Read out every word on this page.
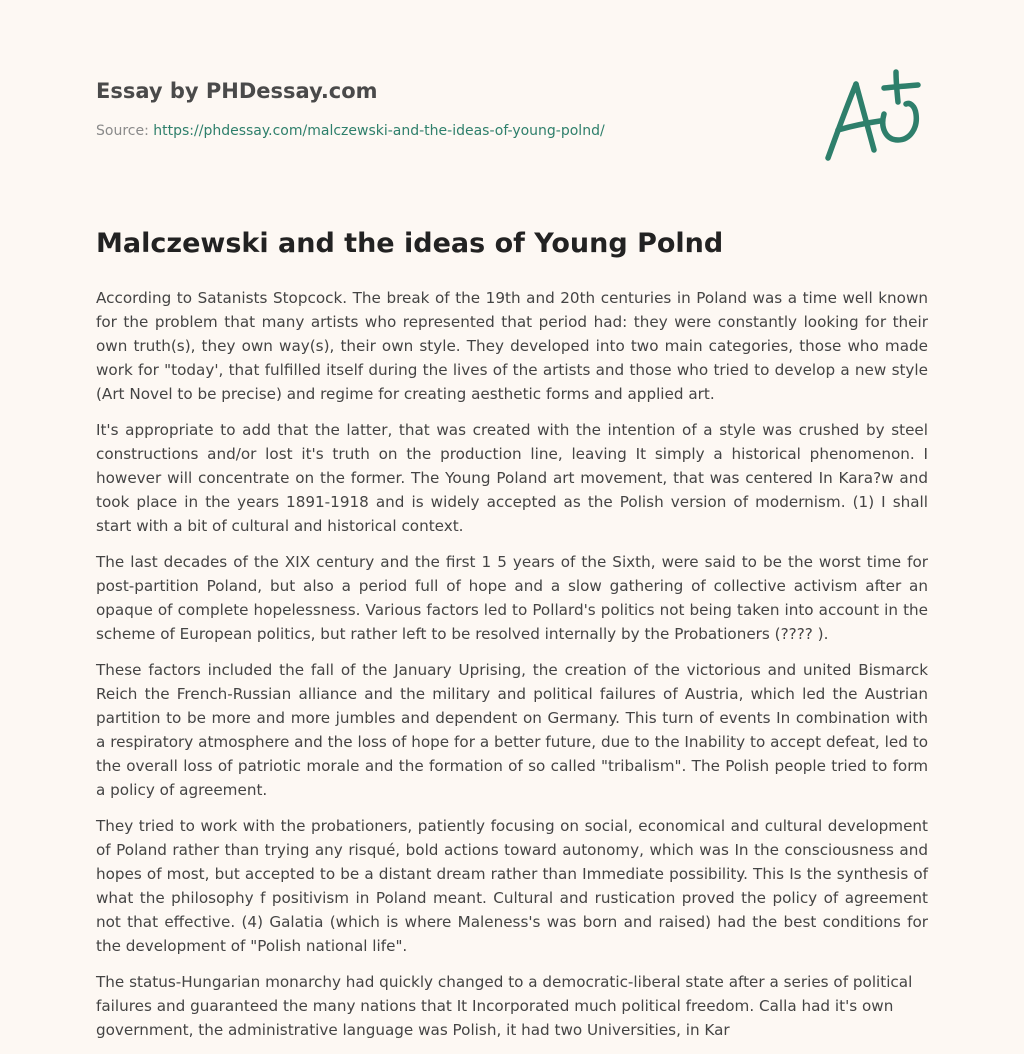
Essay by PHDessay.com
Source: https://phdessay.com/malczewski-and-the-ideas-of-young-polnd/
Malczewski and the ideas of Young Polnd

According to Satanists Stopcock. The break of the 19th and 20th centuries in Poland was a time well known for the problem that many artists who represented that period had: they were constantly looking for their own truth(s), they own way(s), their own style. They developed into two main categories, those who made work for "today', that fulfilled itself during the lives of the artists and those who tried to develop a new style (Art Novel to be precise) and regime for creating aesthetic forms and applied art.

It's appropriate to add that the latter, that was created with the intention of a style was crushed by steel constructions and/or lost it's truth on the production line, leaving It simply a historical phenomenon. I however will concentrate on the former. The Young Poland art movement, that was centered In Kara?w and took place in the years 1891-1918 and is widely accepted as the Polish version of modernism. (1) I shall start with a bit of cultural and historical context.

The last decades of the XIX century and the first 1 5 years of the Sixth, were said to be the worst time for post-partition Poland, but also a period full of hope and a slow gathering of collective activism after an opaque of complete hopelessness. Various factors led to Pollard's politics not being taken into account in the scheme of European politics, but rather left to be resolved internally by the Probationers (???? ).

These factors included the fall of the January Uprising, the creation of the victorious and united Bismarck Reich the French-Russian alliance and the military and political failures of Austria, which led the Austrian partition to be more and more jumbles and dependent on Germany. This turn of events In combination with a respiratory atmosphere and the loss of hope for a better future, due to the Inability to accept defeat, led to the overall loss of patriotic morale and the formation of so called "tribalism". The Polish people tried to form a policy of agreement.

They tried to work with the probationers, patiently focusing on social, economical and cultural development of Poland rather than trying any risqué, bold actions toward autonomy, which was In the consciousness and hopes of most, but accepted to be a distant dream rather than Immediate possibility. This Is the synthesis of what the philosophy f positivism in Poland meant. Cultural and rustication proved the policy of agreement not that effective. (4) Galatia (which is where Maleness's was born and raised) had the best conditions for the development of "Polish national life".

The status-Hungarian monarchy had quickly changed to a democratic-liberal state after a series of political failures and guaranteed the many nations that It Incorporated much political freedom. Calla had it's own government, the administrative language was Polish, it had two Universities, in Kar
